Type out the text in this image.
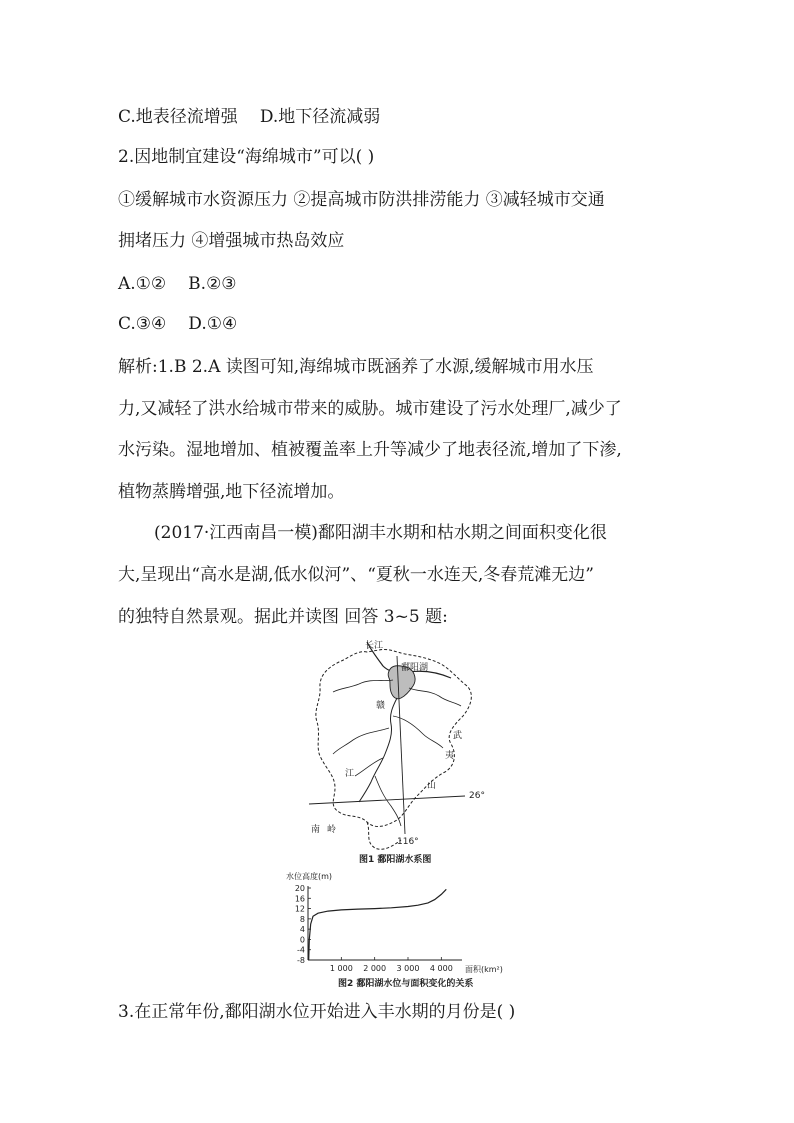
C.地表径流增强 D.地下径流减弱
2.因地制宜建设“海绵城市”可以( )
①缓解城市水资源压力 ②提高城市防洪排涝能力 ③减轻城市交通
拥堵压力 ④增强城市热岛效应
A.①② B.②③
C.③④ D.①④
解析:1.B 2.A 读图可知,海绵城市既涵养了水源,缓解城市用水压
力,又减轻了洪水给城市带来的威胁。城市建设了污水处理厂,减少了
水污染。湿地增加、植被覆盖率上升等减少了地表径流,增加了下渗,
植物蒸腾增强,地下径流增加。
(2017·江西南昌一模)鄱阳湖丰水期和枯水期之间面积变化很
大,呈现出“高水是湖,低水似河”、“夏秋一水连天,冬春荒滩无边”
的独特自然景观。据此并读图 回答 3~5 题:
长江
鄱阳湖
赣
江
武
夷
山
26°
南 岭
116°
图1 鄱阳湖水系图
水位高度(m)
20
16
12
8
4
0
-4
-8
1 000 2 000 3 000 4 000 面积(km²)
图2 鄱阳湖水位与面积变化的关系
3.在正常年份,鄱阳湖水位开始进入丰水期的月份是( )
